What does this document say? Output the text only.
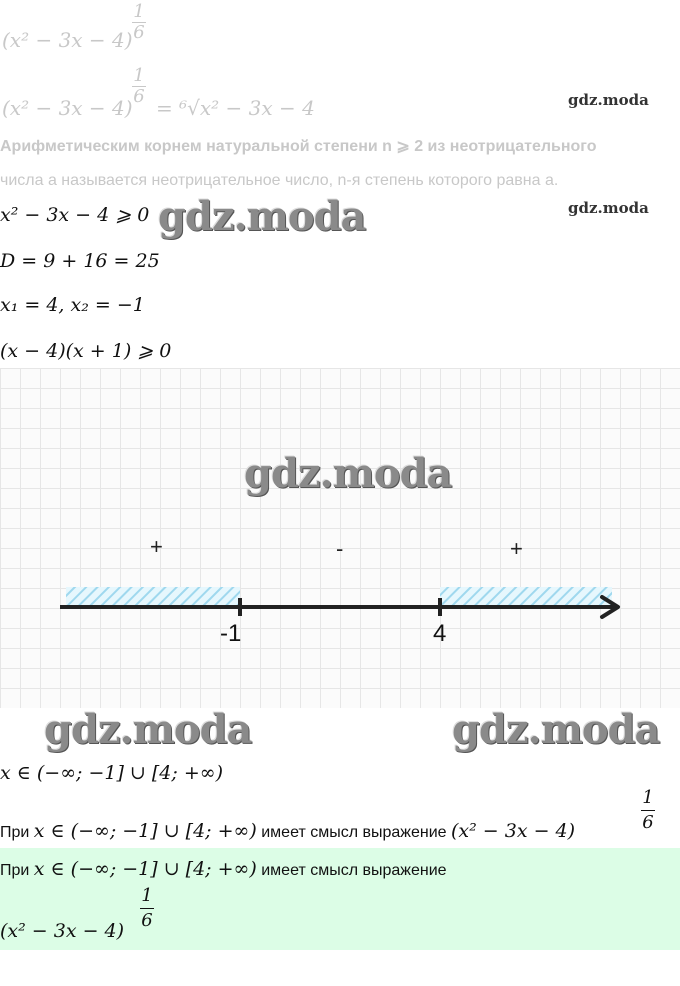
(x² − 3x − 4)
1
6
(x² − 3x − 4)
1
6 = ⁶√x² − 3x − 4	gdz.moda
Арифметическим корнем натуральной степени n ⩾ 2 из неотрицательного
числа a называется неотрицательное число, n-я степень которого равна a.
x² − 3x − 4 ⩾ 0 gdz.moda	gdz.moda
D = 9 + 16 = 25
x₁ = 4, x₂ = −1
(x − 4)(x + 1) ⩾ 0
gdz.moda
+	-	+
-1	4
gdz.moda	gdz.moda
x ∈ (−∞; −1] ∪ [4; +∞)
При x ∈ (−∞; −1] ∪ [4; +∞) имеет смысл выражение (x² − 3x − 4)
1
6
При x ∈ (−∞; −1] ∪ [4; +∞) имеет смысл выражение
(x² − 3x − 4)
1
6
